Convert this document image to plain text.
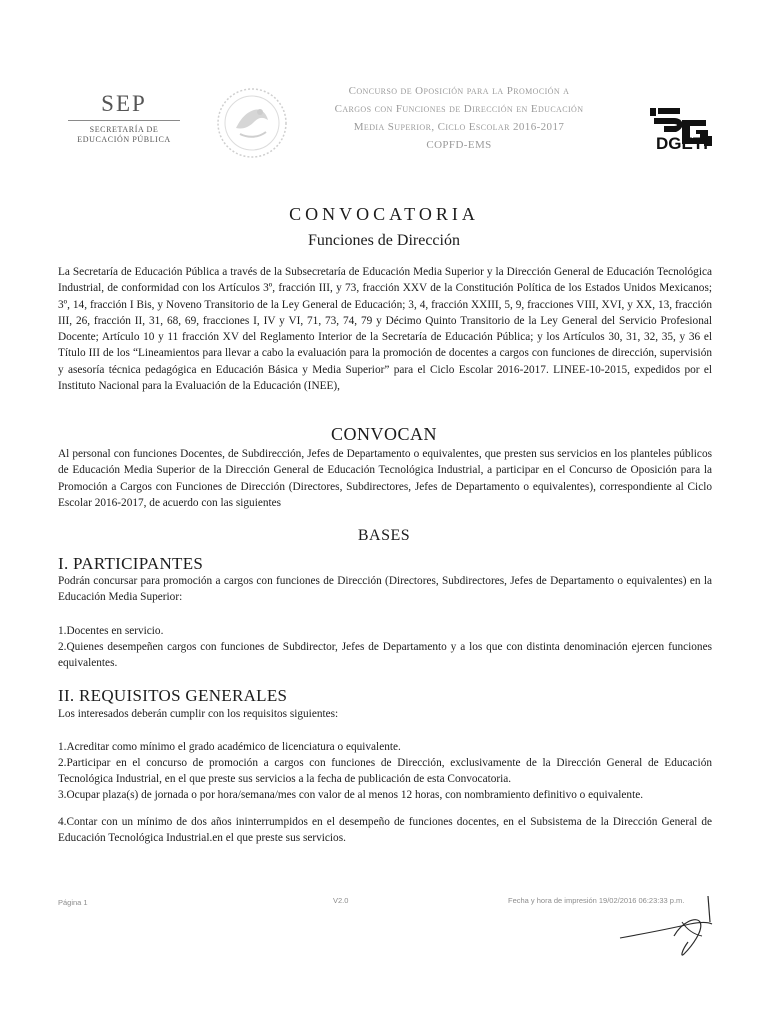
SEP
SECRETARÍA DE
EDUCACIÓN PÚBLICA
Concurso de Oposición para la Promoción a
Cargos con Funciones de Dirección en Educación
Media Superior, Ciclo Escolar 2016-2017
COPFD-EMS	DGETI
CONVOCATORIA
Funciones de Dirección
La Secretaría de Educación Pública a través de la Subsecretaría de Educación Media Superior y la Dirección General de Educación Tecnológica Industrial, de conformidad con los Artículos 3º, fracción III, y 73, fracción XXV de la Constitución Política de los Estados Unidos Mexicanos; 3º, 14, fracción I Bis, y Noveno Transitorio de la Ley General de Educación; 3, 4, fracción XXIII, 5, 9, fracciones VIII, XVI, y XX, 13, fracción III, 26, fracción II, 31, 68, 69, fracciones I, IV y VI, 71, 73, 74, 79 y Décimo Quinto Transitorio de la Ley General del Servicio Profesional Docente; Artículo 10 y 11 fracción XV del Reglamento Interior de la Secretaría de Educación Pública; y los Artículos 30, 31, 32, 35, y 36 el Título III de los “Lineamientos para llevar a cabo la evaluación para la promoción de docentes a cargos con funciones de dirección, supervisión y asesoría técnica pedagógica en Educación Básica y Media Superior” para el Ciclo Escolar 2016-2017. LINEE-10-2015, expedidos por el Instituto Nacional para la Evaluación de la Educación (INEE),
CONVOCAN
Al personal con funciones Docentes, de Subdirección, Jefes de Departamento o equivalentes, que presten sus servicios en los planteles públicos de Educación Media Superior de la Dirección General de Educación Tecnológica Industrial, a participar en el Concurso de Oposición para la Promoción a Cargos con Funciones de Dirección (Directores, Subdirectores, Jefes de Departamento o equivalentes), correspondiente al Ciclo Escolar 2016-2017, de acuerdo con las siguientes
BASES
I. PARTICIPANTES
Podrán concursar para promoción a cargos con funciones de Dirección (Directores, Subdirectores, Jefes de Departamento o equivalentes) en la Educación Media Superior:
1.Docentes en servicio.
2.Quienes desempeñen cargos con funciones de Subdirector, Jefes de Departamento y a los que con distinta denominación ejercen funciones equivalentes.
II. REQUISITOS GENERALES
Los interesados deberán cumplir con los requisitos siguientes:
1.Acreditar como mínimo el grado académico de licenciatura o equivalente.
2.Participar en el concurso de promoción a cargos con funciones de Dirección, exclusivamente de la Dirección General de Educación Tecnológica Industrial, en el que preste sus servicios a la fecha de publicación de esta Convocatoria.
3.Ocupar plaza(s) de jornada o por hora/semana/mes con valor de al menos 12 horas, con nombramiento definitivo o equivalente.
4.Contar con un mínimo de dos años ininterrumpidos en el desempeño de funciones docentes, en el Subsistema de la Dirección General de Educación Tecnológica Industrial.en el que preste sus servicios.
Página 1	V2.0	Fecha y hora de impresión 19/02/2016 06:23:33 p.m.
